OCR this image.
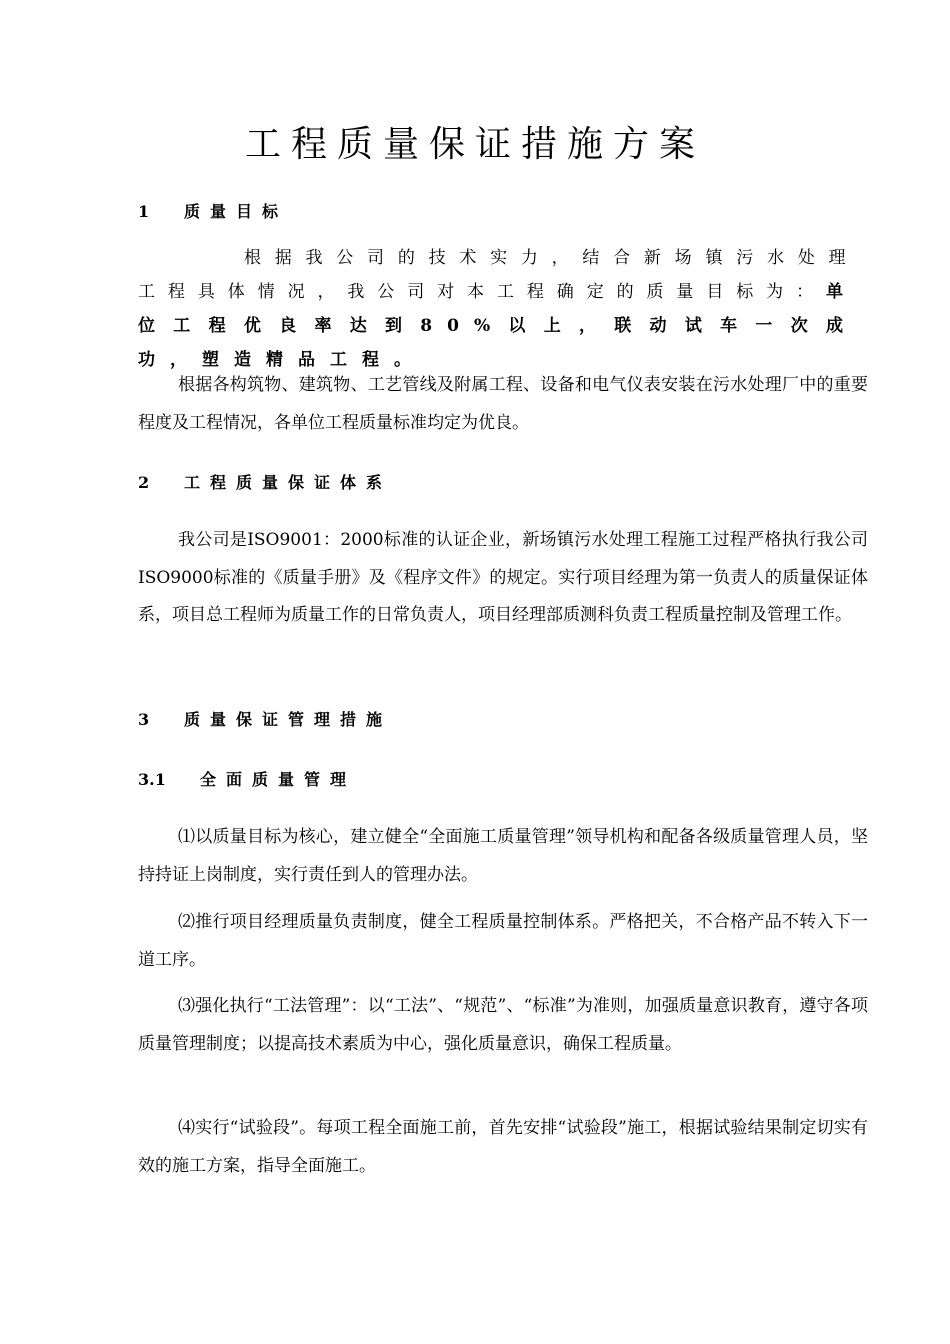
工程质量保证措施方案
1 质量目标

根据我公司的技术实力，结合新场镇污水处理工程具体情况，我公司对本工程确定的质量目标为：单位工程优良率达到80%以上，联动试车一次成功，塑造精品工程。

根据各构筑物、建筑物、工艺管线及附属工程、设备和电气仪表安装在污水处理厂中的重要程度及工程情况，各单位工程质量标准均定为优良。

2 工程质量保证体系

我公司是ISO9001：2000标准的认证企业，新场镇污水处理工程施工过程严格执行我公司ISO9000标准的《质量手册》及《程序文件》的规定。实行项目经理为第一负责人的质量保证体系，项目总工程师为质量工作的日常负责人，项目经理部质测科负责工程质量控制及管理工作。

3 质量保证管理措施
3.1 全面质量管理

⑴以质量目标为核心，建立健全“全面施工质量管理”领导机构和配备各级质量管理人员，坚持持证上岗制度，实行责任到人的管理办法。

⑵推行项目经理质量负责制度，健全工程质量控制体系。严格把关，不合格产品不转入下一道工序。

⑶强化执行“工法管理”：以“工法”、“规范”、“标准”为准则，加强质量意识教育，遵守各项质量管理制度；以提高技术素质为中心，强化质量意识，确保工程质量。

⑷实行“试验段”。每项工程全面施工前，首先安排“试验段”施工，根据试验结果制定切实有效的施工方案，指导全面施工。
